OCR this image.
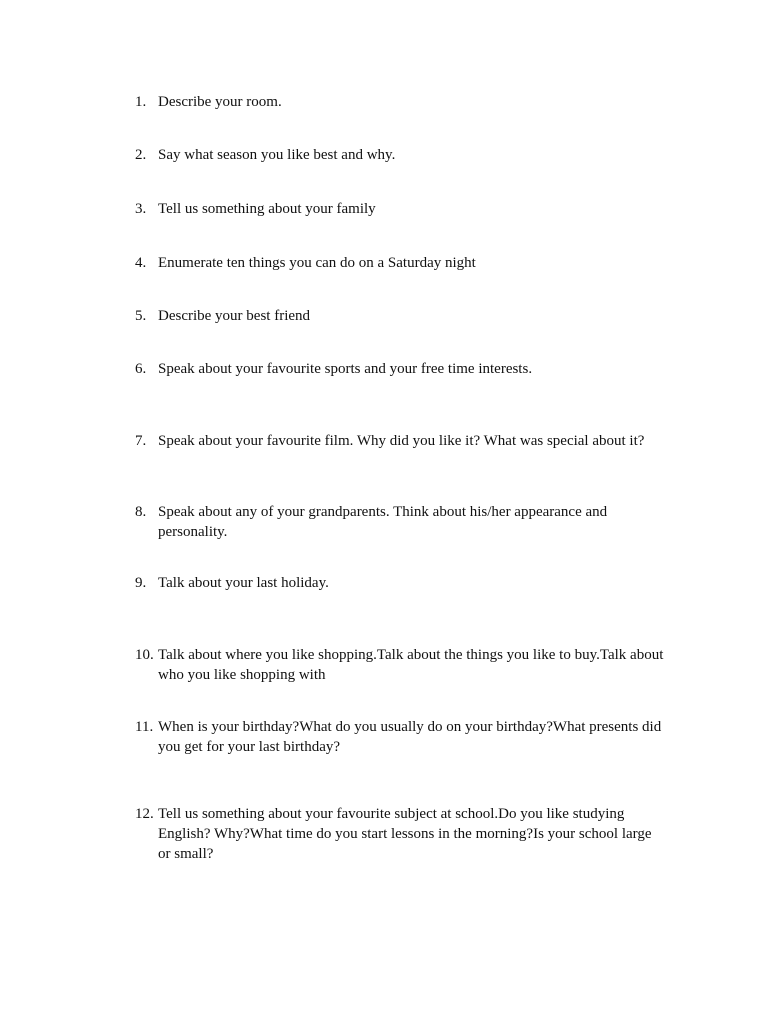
1. Describe your room.
2. Say what season you like best and why.
3. Tell us something about your family
4. Enumerate ten things you can do on a Saturday night
5. Describe your best friend
6. Speak about your favourite sports and your free time interests.
7. Speak about your favourite film. Why did you like it? What was special about it?
8. Speak about any of your grandparents. Think about his/her appearance and personality.
9. Talk about your last holiday.
10. Talk about where you like shopping.Talk about the things you like to buy.Talk about who you like shopping with
11. When is your birthday?What do you usually do on your birthday?What presents did you get for your last birthday?
12. Tell us something about your favourite subject at school.Do you like studying English? Why?What time do you start lessons in the morning?Is your school large or small?
